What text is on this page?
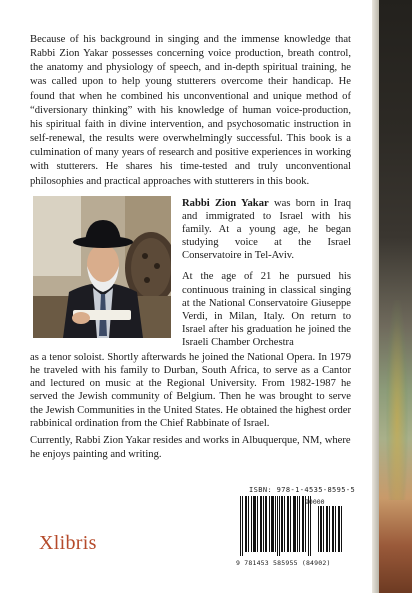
Because of his background in singing and the immense knowledge that Rabbi Zion Yakar possesses concerning voice production, breath control, the anatomy and physiology of speech, and in-depth spiritual training, he was called upon to help young stutterers overcome their handicap. He found that when he combined his unconventional and unique method of “diversionary thinking” with his knowledge of human voice-production, his spiritual faith in divine intervention, and psychosomatic instruction in self-renewal, the results were overwhelmingly successful. This book is a culmination of many years of research and positive experiences in working with stutterers. He shares his time-tested and truly unconventional philosophies and practical approaches with stutterers in this book.

Rabbi Zion Yakar was born in Iraq and immigrated to Israel with his family. At a young age, he began studying voice at the Israel Conservatoire in Tel-Aviv.

At the age of 21 he pursued his continuous training in classical singing at the National Conservatoire Giuseppe Verdi, in Milan, Italy. On return to Israel after his graduation he joined the Israeli Chamber Orchestra

as a tenor soloist. Shortly afterwards he joined the National Opera. In 1979 he traveled with his family to Durban, South Africa, to serve as a Cantor and lectured on music at the Regional University. From 1982-1987 he served the Jewish community of Belgium. Then he was brought to serve the Jewish Communities in the United States. He obtained the highest order rabbinical ordination from the Chief Rabbinate of Israel.

Currently, Rabbi Zion Yakar resides and works in Albuquerque, NM, where he enjoys painting and writing.

ISBN: 978-1-4535-8595-5
90000
9 781453 585955 (84902)
Xlibris
